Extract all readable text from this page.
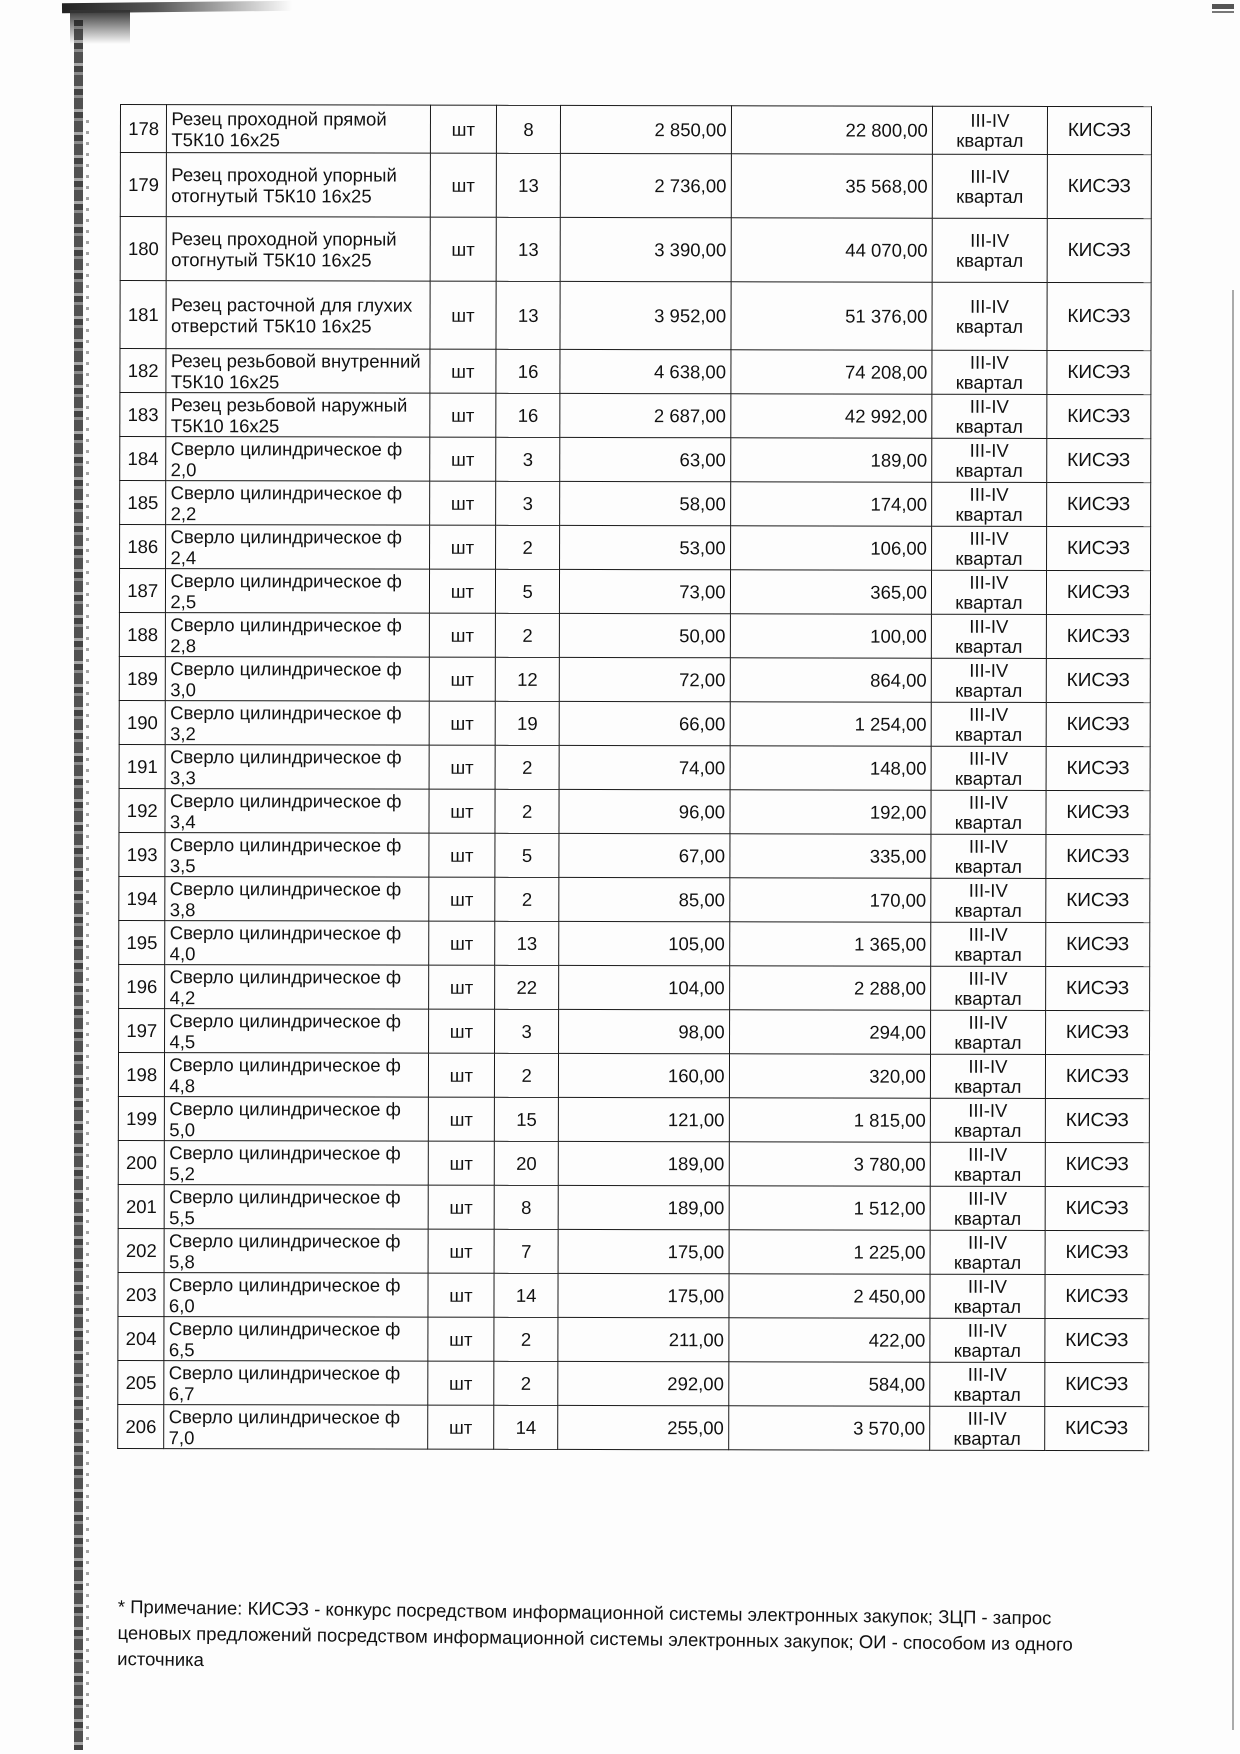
178	Резец проходной прямой Т5К10 16х25	шт	8	2 850,00	22 800,00	III-IV квартал	КИСЭЗ
179	Резец проходной упорный отогнутый Т5К10 16х25	шт	13	2 736,00	35 568,00	III-IV квартал	КИСЭЗ
180	Резец проходной упорный отогнутый Т5К10 16х25	шт	13	3 390,00	44 070,00	III-IV квартал	КИСЭЗ
181	Резец расточной для глухих отверстий Т5К10 16х25	шт	13	3 952,00	51 376,00	III-IV квартал	КИСЭЗ
182	Резец резьбовой внутренний Т5К10 16х25	шт	16	4 638,00	74 208,00	III-IV квартал	КИСЭЗ
183	Резец резьбовой наружный Т5К10 16х25	шт	16	2 687,00	42 992,00	III-IV квартал	КИСЭЗ
184	Сверло цилиндрическое ф 2,0	шт	3	63,00	189,00	III-IV квартал	КИСЭЗ
185	Сверло цилиндрическое ф 2,2	шт	3	58,00	174,00	III-IV квартал	КИСЭЗ
186	Сверло цилиндрическое ф 2,4	шт	2	53,00	106,00	III-IV квартал	КИСЭЗ
187	Сверло цилиндрическое ф 2,5	шт	5	73,00	365,00	III-IV квартал	КИСЭЗ
188	Сверло цилиндрическое ф 2,8	шт	2	50,00	100,00	III-IV квартал	КИСЭЗ
189	Сверло цилиндрическое ф 3,0	шт	12	72,00	864,00	III-IV квартал	КИСЭЗ
190	Сверло цилиндрическое ф 3,2	шт	19	66,00	1 254,00	III-IV квартал	КИСЭЗ
191	Сверло цилиндрическое ф 3,3	шт	2	74,00	148,00	III-IV квартал	КИСЭЗ
192	Сверло цилиндрическое ф 3,4	шт	2	96,00	192,00	III-IV квартал	КИСЭЗ
193	Сверло цилиндрическое ф 3,5	шт	5	67,00	335,00	III-IV квартал	КИСЭЗ
194	Сверло цилиндрическое ф 3,8	шт	2	85,00	170,00	III-IV квартал	КИСЭЗ
195	Сверло цилиндрическое ф 4,0	шт	13	105,00	1 365,00	III-IV квартал	КИСЭЗ
196	Сверло цилиндрическое ф 4,2	шт	22	104,00	2 288,00	III-IV квартал	КИСЭЗ
197	Сверло цилиндрическое ф 4,5	шт	3	98,00	294,00	III-IV квартал	КИСЭЗ
198	Сверло цилиндрическое ф 4,8	шт	2	160,00	320,00	III-IV квартал	КИСЭЗ
199	Сверло цилиндрическое ф 5,0	шт	15	121,00	1 815,00	III-IV квартал	КИСЭЗ
200	Сверло цилиндрическое ф 5,2	шт	20	189,00	3 780,00	III-IV квартал	КИСЭЗ
201	Сверло цилиндрическое ф 5,5	шт	8	189,00	1 512,00	III-IV квартал	КИСЭЗ
202	Сверло цилиндрическое ф 5,8	шт	7	175,00	1 225,00	III-IV квартал	КИСЭЗ
203	Сверло цилиндрическое ф 6,0	шт	14	175,00	2 450,00	III-IV квартал	КИСЭЗ
204	Сверло цилиндрическое ф 6,5	шт	2	211,00	422,00	III-IV квартал	КИСЭЗ
205	Сверло цилиндрическое ф 6,7	шт	2	292,00	584,00	III-IV квартал	КИСЭЗ
206	Сверло цилиндрическое ф 7,0	шт	14	255,00	3 570,00	III-IV квартал	КИСЭЗ
* Примечание: КИСЭЗ - конкурс посредством информационной системы электронных закупок; ЗЦП - запрос ценовых предложений посредством информационной системы электронных закупок; ОИ - способом из одного источника
